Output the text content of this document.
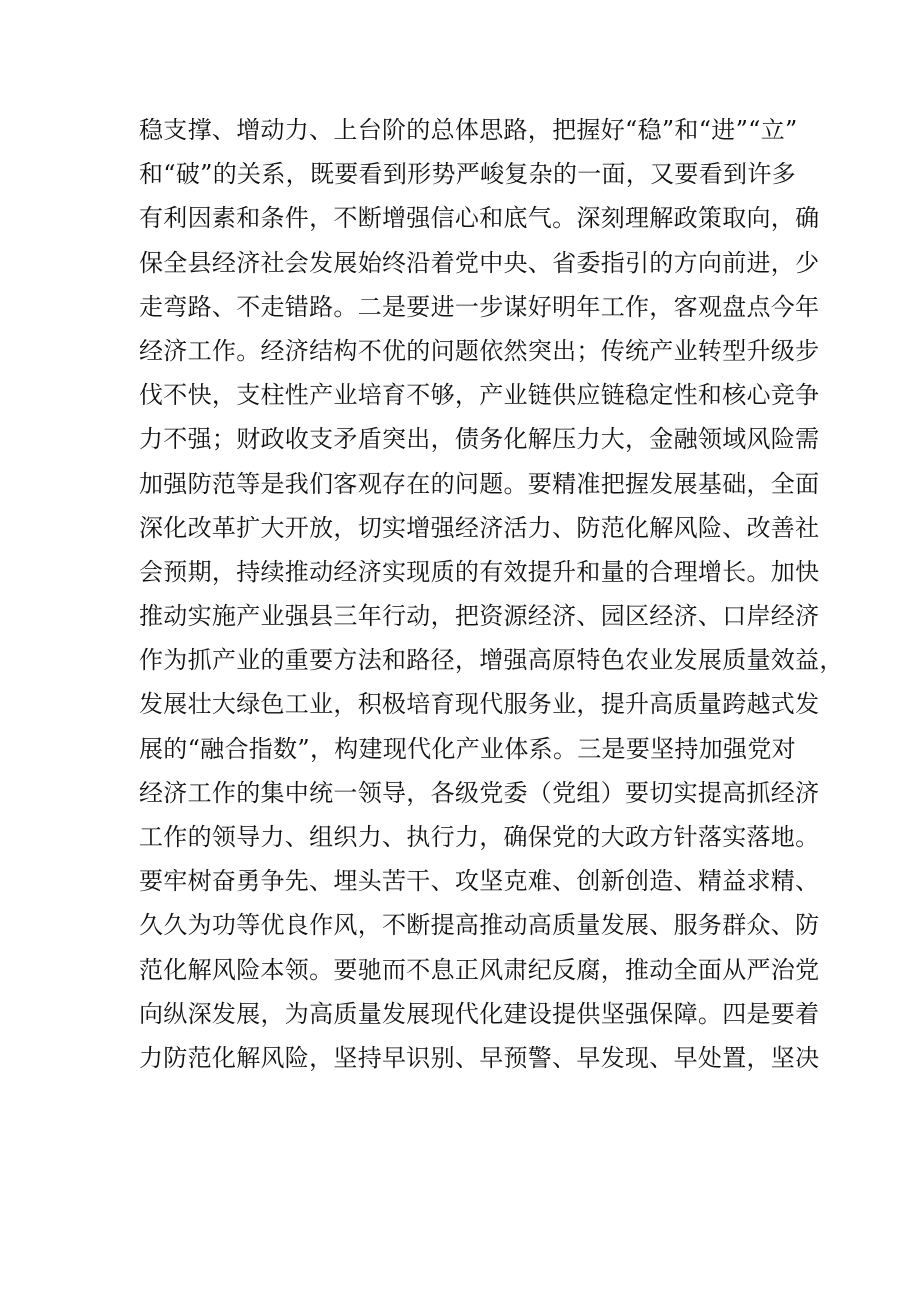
稳支撑、增动力、上台阶的总体思路，把握好“稳”和“进”“立”
和“破”的关系，既要看到形势严峻复杂的一面，又要看到许多
有利因素和条件，不断增强信心和底气。深刻理解政策取向，确
保全县经济社会发展始终沿着党中央、省委指引的方向前进，少
走弯路、不走错路。二是要进一步谋好明年工作，客观盘点今年
经济工作。经济结构不优的问题依然突出；传统产业转型升级步
伐不快，支柱性产业培育不够，产业链供应链稳定性和核心竞争
力不强；财政收支矛盾突出，债务化解压力大，金融领域风险需
加强防范等是我们客观存在的问题。要精准把握发展基础，全面
深化改革扩大开放，切实增强经济活力、防范化解风险、改善社
会预期，持续推动经济实现质的有效提升和量的合理增长。加快
推动实施产业强县三年行动，把资源经济、园区经济、口岸经济
作为抓产业的重要方法和路径，增强高原特色农业发展质量效益，
发展壮大绿色工业，积极培育现代服务业，提升高质量跨越式发
展的“融合指数”，构建现代化产业体系。三是要坚持加强党对
经济工作的集中统一领导，各级党委（党组）要切实提高抓经济
工作的领导力、组织力、执行力，确保党的大政方针落实落地。
要牢树奋勇争先、埋头苦干、攻坚克难、创新创造、精益求精、
久久为功等优良作风，不断提高推动高质量发展、服务群众、防
范化解风险本领。要驰而不息正风肃纪反腐，推动全面从严治党
向纵深发展，为高质量发展现代化建设提供坚强保障。四是要着
力防范化解风险，坚持早识别、早预警、早发现、早处置，坚决
